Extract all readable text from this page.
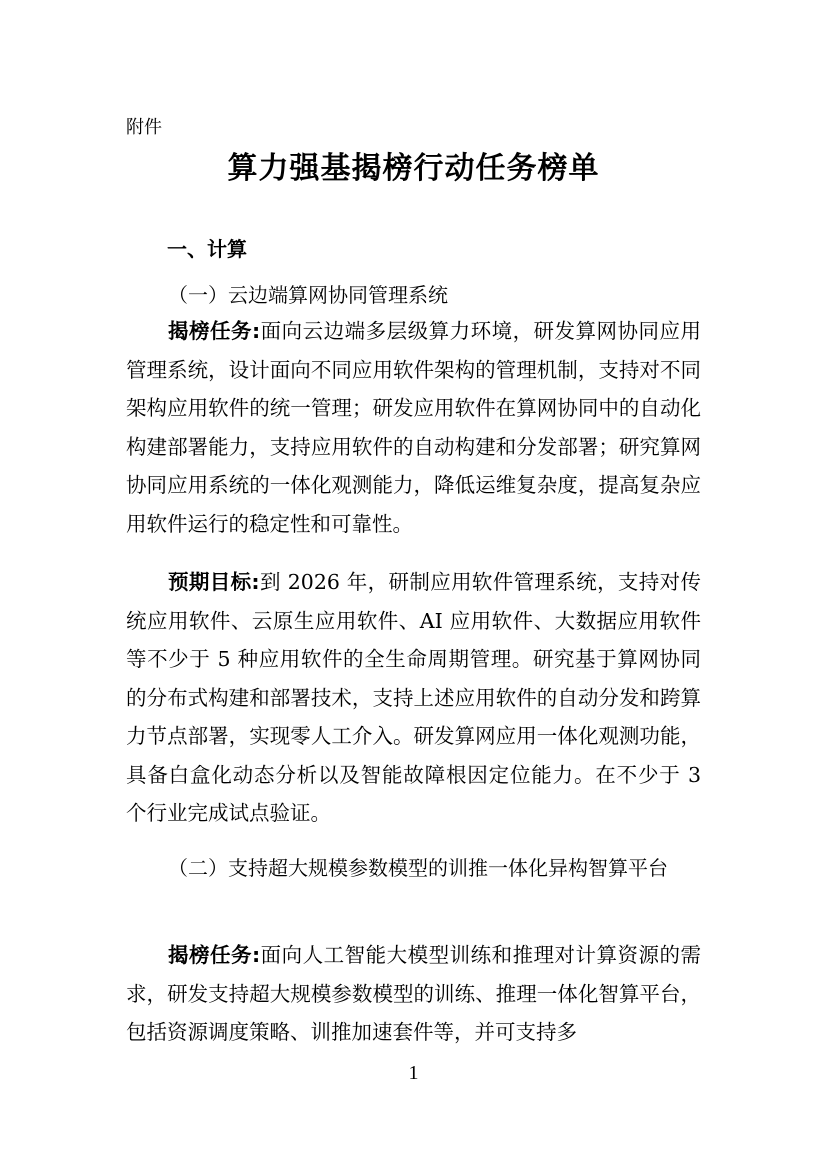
附件
算力强基揭榜行动任务榜单
一、计算
（一）云边端算网协同管理系统
揭榜任务:面向云边端多层级算力环境，研发算网协同应用管理系统，设计面向不同应用软件架构的管理机制，支持对不同架构应用软件的统一管理；研发应用软件在算网协同中的自动化构建部署能力，支持应用软件的自动构建和分发部署；研究算网协同应用系统的一体化观测能力，降低运维复杂度，提高复杂应用软件运行的稳定性和可靠性。
预期目标:到 2026 年，研制应用软件管理系统，支持对传统应用软件、云原生应用软件、AI 应用软件、大数据应用软件等不少于 5 种应用软件的全生命周期管理。研究基于算网协同的分布式构建和部署技术，支持上述应用软件的自动分发和跨算力节点部署，实现零人工介入。研发算网应用一体化观测功能，具备白盒化动态分析以及智能故障根因定位能力。在不少于 3 个行业完成试点验证。
（二）支持超大规模参数模型的训推一体化异构智算平台
揭榜任务:面向人工智能大模型训练和推理对计算资源的需求，研发支持超大规模参数模型的训练、推理一体化智算平台，包括资源调度策略、训推加速套件等，并可支持多
1
